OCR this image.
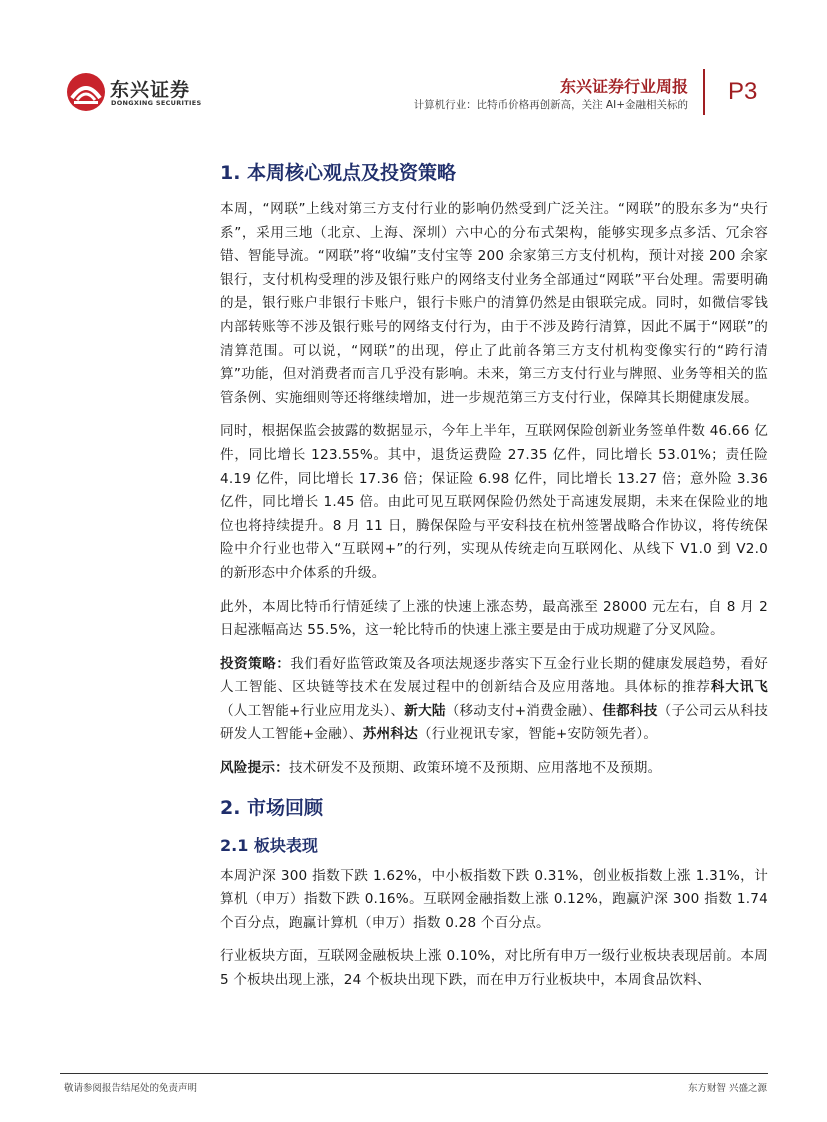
东兴证券
DONGXING SECURITIES
东兴证券行业周报
计算机行业：比特币价格再创新高，关注 AI+金融相关标的 P3
1. 本周核心观点及投资策略

本周，“网联”上线对第三方支付行业的影响仍然受到广泛关注。“网联”的股东多为“央行系”，采用三地（北京、上海、深圳）六中心的分布式架构，能够实现多点多活、冗余容错、智能导流。“网联”将“收编”支付宝等 200 余家第三方支付机构，预计对接 200 余家银行，支付机构受理的涉及银行账户的网络支付业务全部通过“网联”平台处理。需要明确的是，银行账户非银行卡账户，银行卡账户的清算仍然是由银联完成。同时，如微信零钱内部转账等不涉及银行账号的网络支付行为，由于不涉及跨行清算，因此不属于“网联”的清算范围。可以说，“网联”的出现，停止了此前各第三方支付机构变像实行的“跨行清算”功能，但对消费者而言几乎没有影响。未来，第三方支付行业与牌照、业务等相关的监管条例、实施细则等还将继续增加，进一步规范第三方支付行业，保障其长期健康发展。

同时，根据保监会披露的数据显示，今年上半年，互联网保险创新业务签单件数 46.66 亿件，同比增长 123.55%。其中，退货运费险 27.35 亿件，同比增长 53.01%；责任险 4.19 亿件，同比增长 17.36 倍；保证险 6.98 亿件，同比增长 13.27 倍；意外险 3.36 亿件，同比增长 1.45 倍。由此可见互联网保险仍然处于高速发展期，未来在保险业的地位也将持续提升。8 月 11 日，腾保保险与平安科技在杭州签署战略合作协议，将传统保险中介行业也带入“互联网+”的行列，实现从传统走向互联网化、从线下 V1.0 到 V2.0 的新形态中介体系的升级。

此外，本周比特币行情延续了上涨的快速上涨态势，最高涨至 28000 元左右，自 8 月 2 日起涨幅高达 55.5%，这一轮比特币的快速上涨主要是由于成功规避了分叉风险。

投资策略：我们看好监管政策及各项法规逐步落实下互金行业长期的健康发展趋势，看好人工智能、区块链等技术在发展过程中的创新结合及应用落地。具体标的推荐科大讯飞（人工智能+行业应用龙头）、新大陆（移动支付+消费金融）、佳都科技（子公司云从科技研发人工智能+金融）、苏州科达（行业视讯专家，智能+安防领先者）。

风险提示：技术研发不及预期、政策环境不及预期、应用落地不及预期。

2. 市场回顾
2.1 板块表现

本周沪深 300 指数下跌 1.62%，中小板指数下跌 0.31%，创业板指数上涨 1.31%，计算机（申万）指数下跌 0.16%。互联网金融指数上涨 0.12%，跑赢沪深 300 指数 1.74 个百分点，跑赢计算机（申万）指数 0.28 个百分点。

行业板块方面，互联网金融板块上涨 0.10%，对比所有申万一级行业板块表现居前。本周 5 个板块出现上涨，24 个板块出现下跌，而在申万行业板块中，本周食品饮料、

敬请参阅报告结尾处的免责声明	东方财智 兴盛之源
